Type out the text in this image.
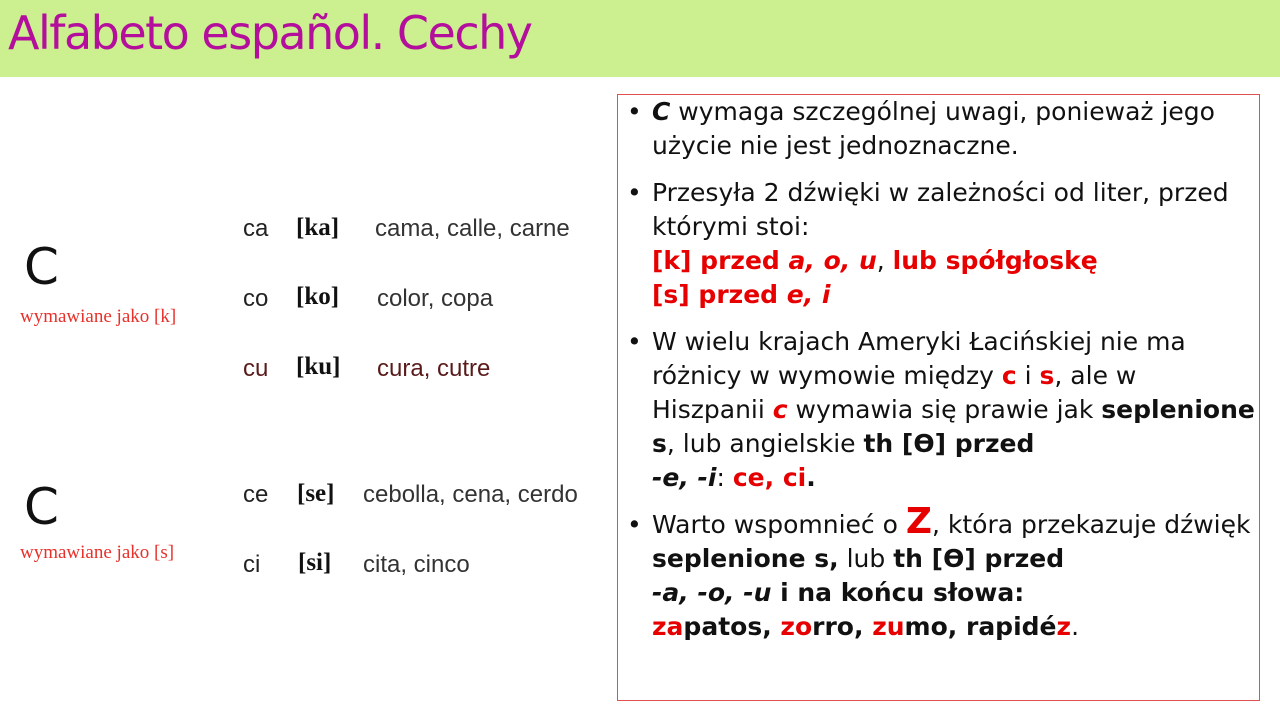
Alfabeto español. Cechy
C
wymawiane jako [k]
C
wymawiane jako [s]
ca [ka] cama, calle, carne
co [ko] color, copa
cu [ku] cura, cutre
ce [se] cebolla, cena, cerdo
ci [si] cita, cinco
• C wymaga szczególnej uwagi, ponieważ jego użycie nie jest jednoznaczne.
• Przesyła 2 dźwięki w zależności od liter, przed którymi stoi:
[k] przed a, o, u, lub spółgłoskę
[s] przed e, i
• W wielu krajach Ameryki Łacińskiej nie ma różnicy w wymowie między c i s, ale w Hiszpanii c wymawia się prawie jak seplenione s, lub angielskie th [Ɵ] przed
-e, -i: ce, ci.
• Warto wspomnieć o Z, która przekazuje dźwięk seplenione s, lub th [Ɵ] przed
-a, -o, -u i na końcu słowa:
zapatos, zorro, zumo, rapidéz.
